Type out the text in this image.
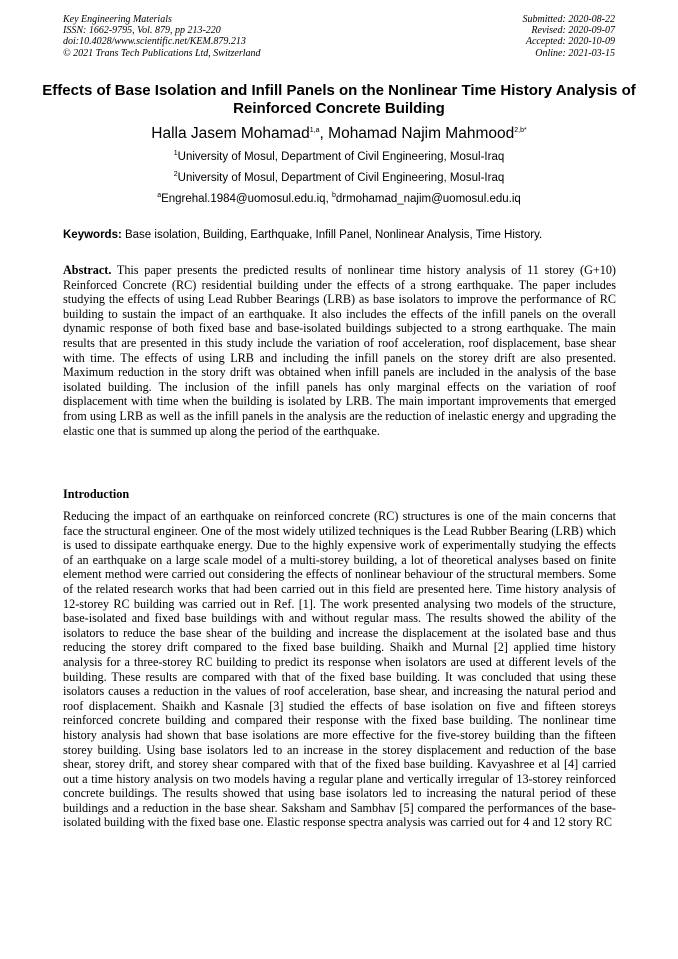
Key Engineering Materials
ISSN: 1662-9795, Vol. 879, pp 213-220
doi:10.4028/www.scientific.net/KEM.879.213
© 2021 Trans Tech Publications Ltd, Switzerland
Submitted: 2020-08-22
Revised: 2020-09-07
Accepted: 2020-10-09
Online: 2021-03-15
Effects of Base Isolation and Infill Panels on the Nonlinear Time History Analysis of Reinforced Concrete Building
Halla Jasem Mohamad$^{1,a}$, Mohamad Najim Mahmood$^{2,b*}$
$^1$University of Mosul, Department of Civil Engineering, Mosul-Iraq
$^2$University of Mosul, Department of Civil Engineering, Mosul-Iraq
$^a$Engrehal.1984@uomosul.edu.iq, $^b$drmohamad_najim@uomosul.edu.iq
Keywords: Base isolation, Building, Earthquake, Infill Panel, Nonlinear Analysis, Time History.
Abstract. This paper presents the predicted results of nonlinear time history analysis of 11 storey (G+10) Reinforced Concrete (RC) residential building under the effects of a strong earthquake. The paper includes studying the effects of using Lead Rubber Bearings (LRB) as base isolators to improve the performance of RC building to sustain the impact of an earthquake. It also includes the effects of the infill panels on the overall dynamic response of both fixed base and base-isolated buildings subjected to a strong earthquake. The main results that are presented in this study include the variation of roof acceleration, roof displacement, base shear with time. The effects of using LRB and including the infill panels on the storey drift are also presented. Maximum reduction in the story drift was obtained when infill panels are included in the analysis of the base isolated building. The inclusion of the infill panels has only marginal effects on the variation of roof displacement with time when the building is isolated by LRB. The main important improvements that emerged from using LRB as well as the infill panels in the analysis are the reduction of inelastic energy and upgrading the elastic one that is summed up along the period of the earthquake.
Introduction
Reducing the impact of an earthquake on reinforced concrete (RC) structures is one of the main concerns that face the structural engineer. One of the most widely utilized techniques is the Lead Rubber Bearing (LRB) which is used to dissipate earthquake energy. Due to the highly expensive work of experimentally studying the effects of an earthquake on a large scale model of a multi-storey building, a lot of theoretical analyses based on finite element method were carried out considering the effects of nonlinear behaviour of the structural members. Some of the related research works that had been carried out in this field are presented here. Time history analysis of 12-storey RC building was carried out in Ref. [1]. The work presented analysing two models of the structure, base-isolated and fixed base buildings with and without regular mass. The results showed the ability of the isolators to reduce the base shear of the building and increase the displacement at the isolated base and thus reducing the storey drift compared to the fixed base building. Shaikh and Murnal [2] applied time history analysis for a three-storey RC building to predict its response when isolators are used at different levels of the building. These results are compared with that of the fixed base building. It was concluded that using these isolators causes a reduction in the values of roof acceleration, base shear, and increasing the natural period and roof displacement. Shaikh and Kasnale [3] studied the effects of base isolation on five and fifteen storeys reinforced concrete building and compared their response with the fixed base building. The nonlinear time history analysis had shown that base isolations are more effective for the five-storey building than the fifteen storey building. Using base isolators led to an increase in the storey displacement and reduction of the base shear, storey drift, and storey shear compared with that of the fixed base building. Kavyashree et al [4] carried out a time history analysis on two models having a regular plane and vertically irregular of 13-storey reinforced concrete buildings. The results showed that using base isolators led to increasing the natural period of these buildings and a reduction in the base shear. Saksham and Sambhav [5] compared the performances of the base-isolated building with the fixed base one. Elastic response spectra analysis was carried out for 4 and 12 story RC
